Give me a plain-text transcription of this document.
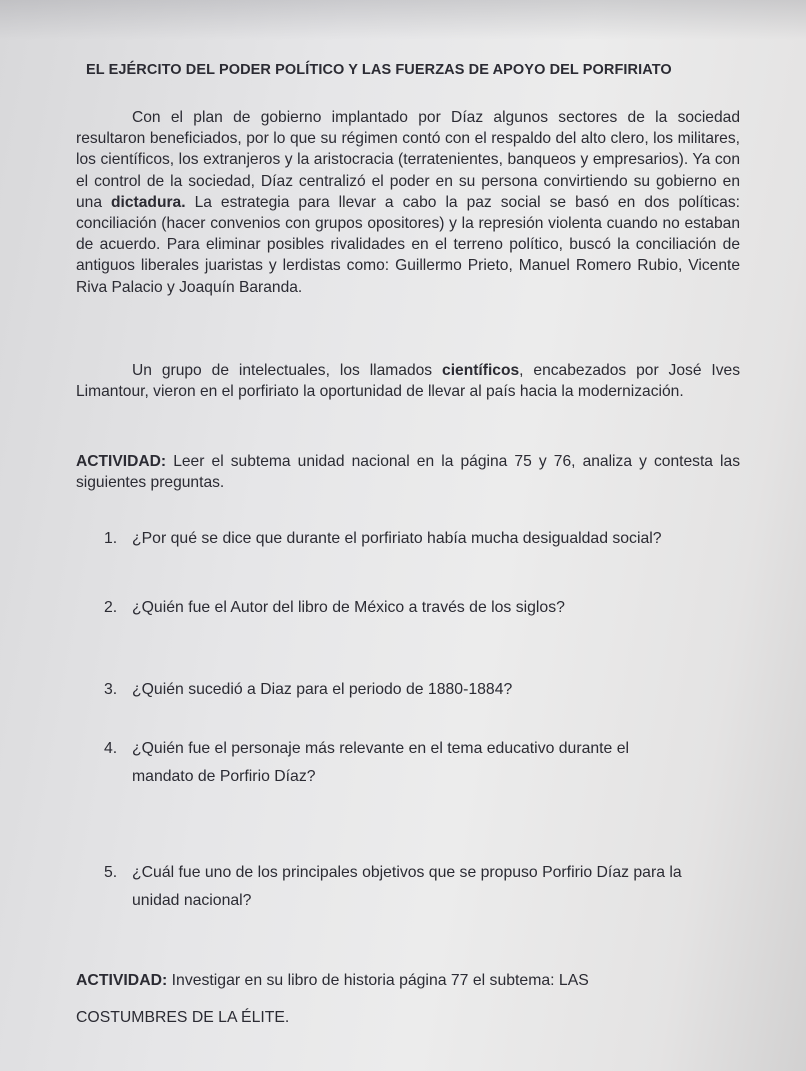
EL EJÉRCITO DEL PODER POLÍTICO Y LAS FUERZAS DE APOYO DEL PORFIRIATO

Con el plan de gobierno implantado por Díaz algunos sectores de la sociedad resultaron beneficiados, por lo que su régimen contó con el respaldo del alto clero, los militares, los científicos, los extranjeros y la aristocracia (terratenientes, banqueos y empresarios). Ya con el control de la sociedad, Díaz centralizó el poder en su persona convirtiendo su gobierno en una dictadura. La estrategia para llevar a cabo la paz social se basó en dos políticas: conciliación (hacer convenios con grupos opositores) y la represión violenta cuando no estaban de acuerdo. Para eliminar posibles rivalidades en el terreno político, buscó la conciliación de antiguos liberales juaristas y lerdistas como: Guillermo Prieto, Manuel Romero Rubio, Vicente Riva Palacio y Joaquín Baranda.

Un grupo de intelectuales, los llamados científicos, encabezados por José Ives Limantour, vieron en el porfiriato la oportunidad de llevar al país hacia la modernización.

ACTIVIDAD: Leer el subtema unidad nacional en la página 75 y 76, analiza y contesta las siguientes preguntas.

1. ¿Por qué se dice que durante el porfiriato había mucha desigualdad social?

2. ¿Quién fue el Autor del libro de México a través de los siglos?

3. ¿Quién sucedió a Diaz para el periodo de 1880-1884?

4. ¿Quién fue el personaje más relevante en el tema educativo durante el
mandato de Porfirio Díaz?

5. ¿Cuál fue uno de los principales objetivos que se propuso Porfirio Díaz para la
unidad nacional?

ACTIVIDAD: Investigar en su libro de historia página 77 el subtema: LAS COSTUMBRES DE LA ÉLITE.
